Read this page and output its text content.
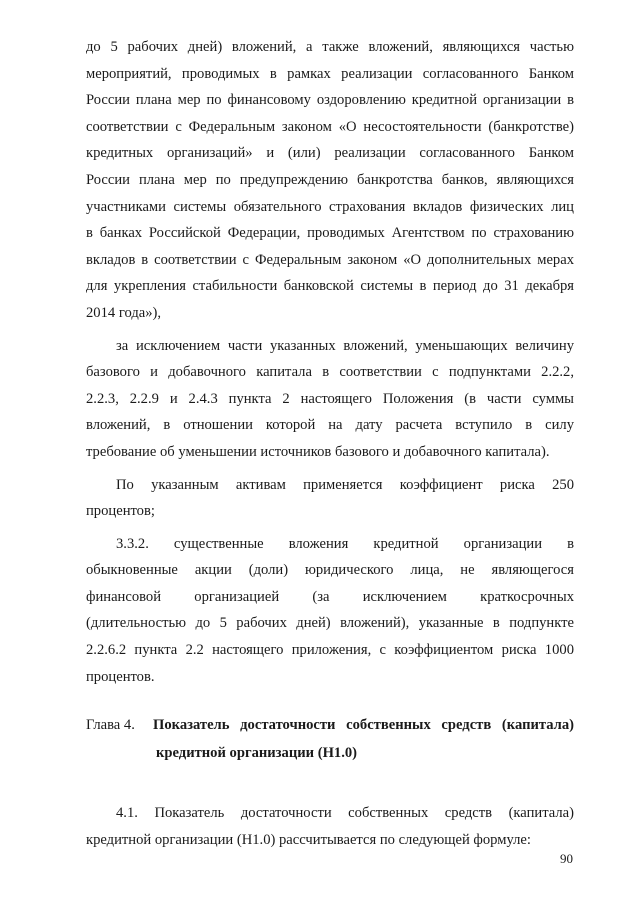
до 5 рабочих дней) вложений, а также вложений, являющихся частью
мероприятий, проводимых в рамках реализации согласованного Банком
России плана мер по финансовому оздоровлению кредитной организации в
соответствии с Федеральным законом «О несостоятельности (банкротстве)
кредитных организаций» и (или) реализации согласованного Банком
России плана мер по предупреждению банкротства банков, являющихся
участниками системы обязательного страхования вкладов физических лиц
в банках Российской Федерации, проводимых Агентством по страхованию
вкладов в соответствии с Федеральным законом «О дополнительных мерах
для укрепления стабильности банковской системы в период до 31 декабря
2014 года»),
за исключением части указанных вложений, уменьшающих величину
базового и добавочного капитала в соответствии с подпунктами 2.2.2,
2.2.3, 2.2.9 и 2.4.3 пункта 2 настоящего Положения (в части суммы
вложений, в отношении которой на дату расчета вступило в силу
требование об уменьшении источников базового и добавочного капитала).
По указанным активам применяется коэффициент риска 250
процентов;
3.3.2. существенные вложения кредитной организации в
обыкновенные акции (доли) юридического лица, не являющегося
финансовой организацией (за исключением краткосрочных
(длительностью до 5 рабочих дней) вложений), указанные в подпункте
2.2.6.2 пункта 2.2 настоящего приложения, с коэффициентом риска 1000
процентов.
Глава 4. Показатель достаточности собственных средств (капитала)
кредитной организации (Н1.0)
4.1. Показатель достаточности собственных средств (капитала)
кредитной организации (Н1.0) рассчитывается по следующей формуле:
90
